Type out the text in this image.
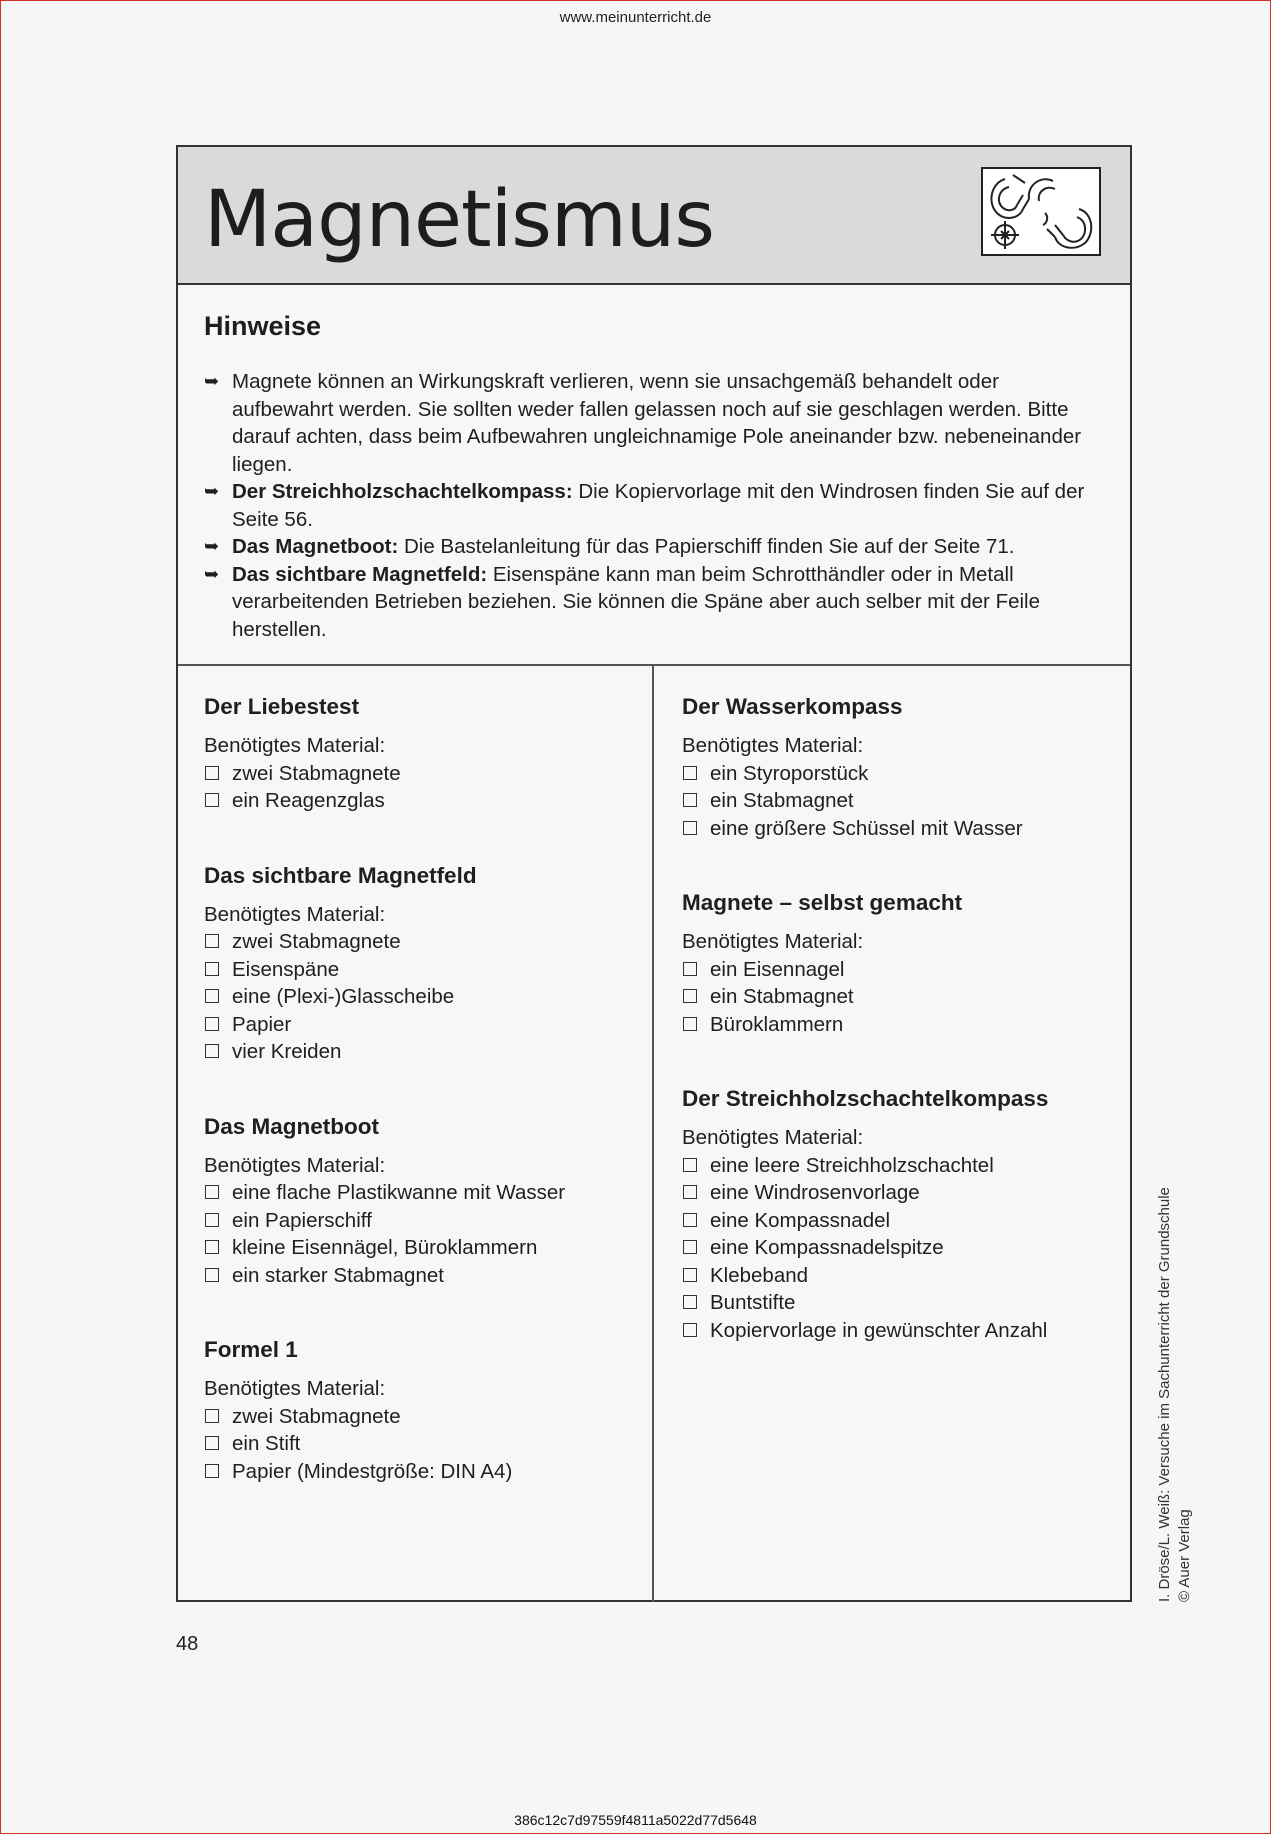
www.meinunterricht.de
Magnetismus
Hinweise
➥ Magnete können an Wirkungskraft verlieren, wenn sie unsachgemäß behandelt oder aufbewahrt werden. Sie sollten weder fallen gelassen noch auf sie geschlagen werden. Bitte darauf achten, dass beim Aufbewahren ungleichnamige Pole aneinander bzw. nebeneinander liegen.
➥ Der Streichholzschachtelkompass: Die Kopiervorlage mit den Windrosen finden Sie auf der Seite 56.
➥ Das Magnetboot: Die Bastelanleitung für das Papierschiff finden Sie auf der Seite 71.
➥ Das sichtbare Magnetfeld: Eisenspäne kann man beim Schrotthändler oder in Metall verarbeitenden Betrieben beziehen. Sie können die Späne aber auch selber mit der Feile herstellen.
Der Liebestest
Benötigtes Material:
zwei Stabmagnete
ein Reagenzglas
Das sichtbare Magnetfeld
Benötigtes Material:
zwei Stabmagnete
Eisenspäne
eine (Plexi-)Glasscheibe
Papier
vier Kreiden
Das Magnetboot
Benötigtes Material:
eine flache Plastikwanne mit Wasser
ein Papierschiff
kleine Eisennägel, Büroklammern
ein starker Stabmagnet
Formel 1
Benötigtes Material:
zwei Stabmagnete
ein Stift
Papier (Mindestgröße: DIN A4)
Der Wasserkompass
Benötigtes Material:
ein Styroporstück
ein Stabmagnet
eine größere Schüssel mit Wasser
Magnete – selbst gemacht
Benötigtes Material:
ein Eisennagel
ein Stabmagnet
Büroklammern
Der Streichholzschachtelkompass
Benötigtes Material:
eine leere Streichholzschachtel
eine Windrosenvorlage
eine Kompassnadel
eine Kompassnadelspitze
Klebeband
Buntstifte
Kopiervorlage in gewünschter Anzahl
48
I. Dröse/L. Weiß: Versuche im Sachunterricht der Grundschule © Auer Verlag
386c12c7d97559f4811a5022d77d5648
